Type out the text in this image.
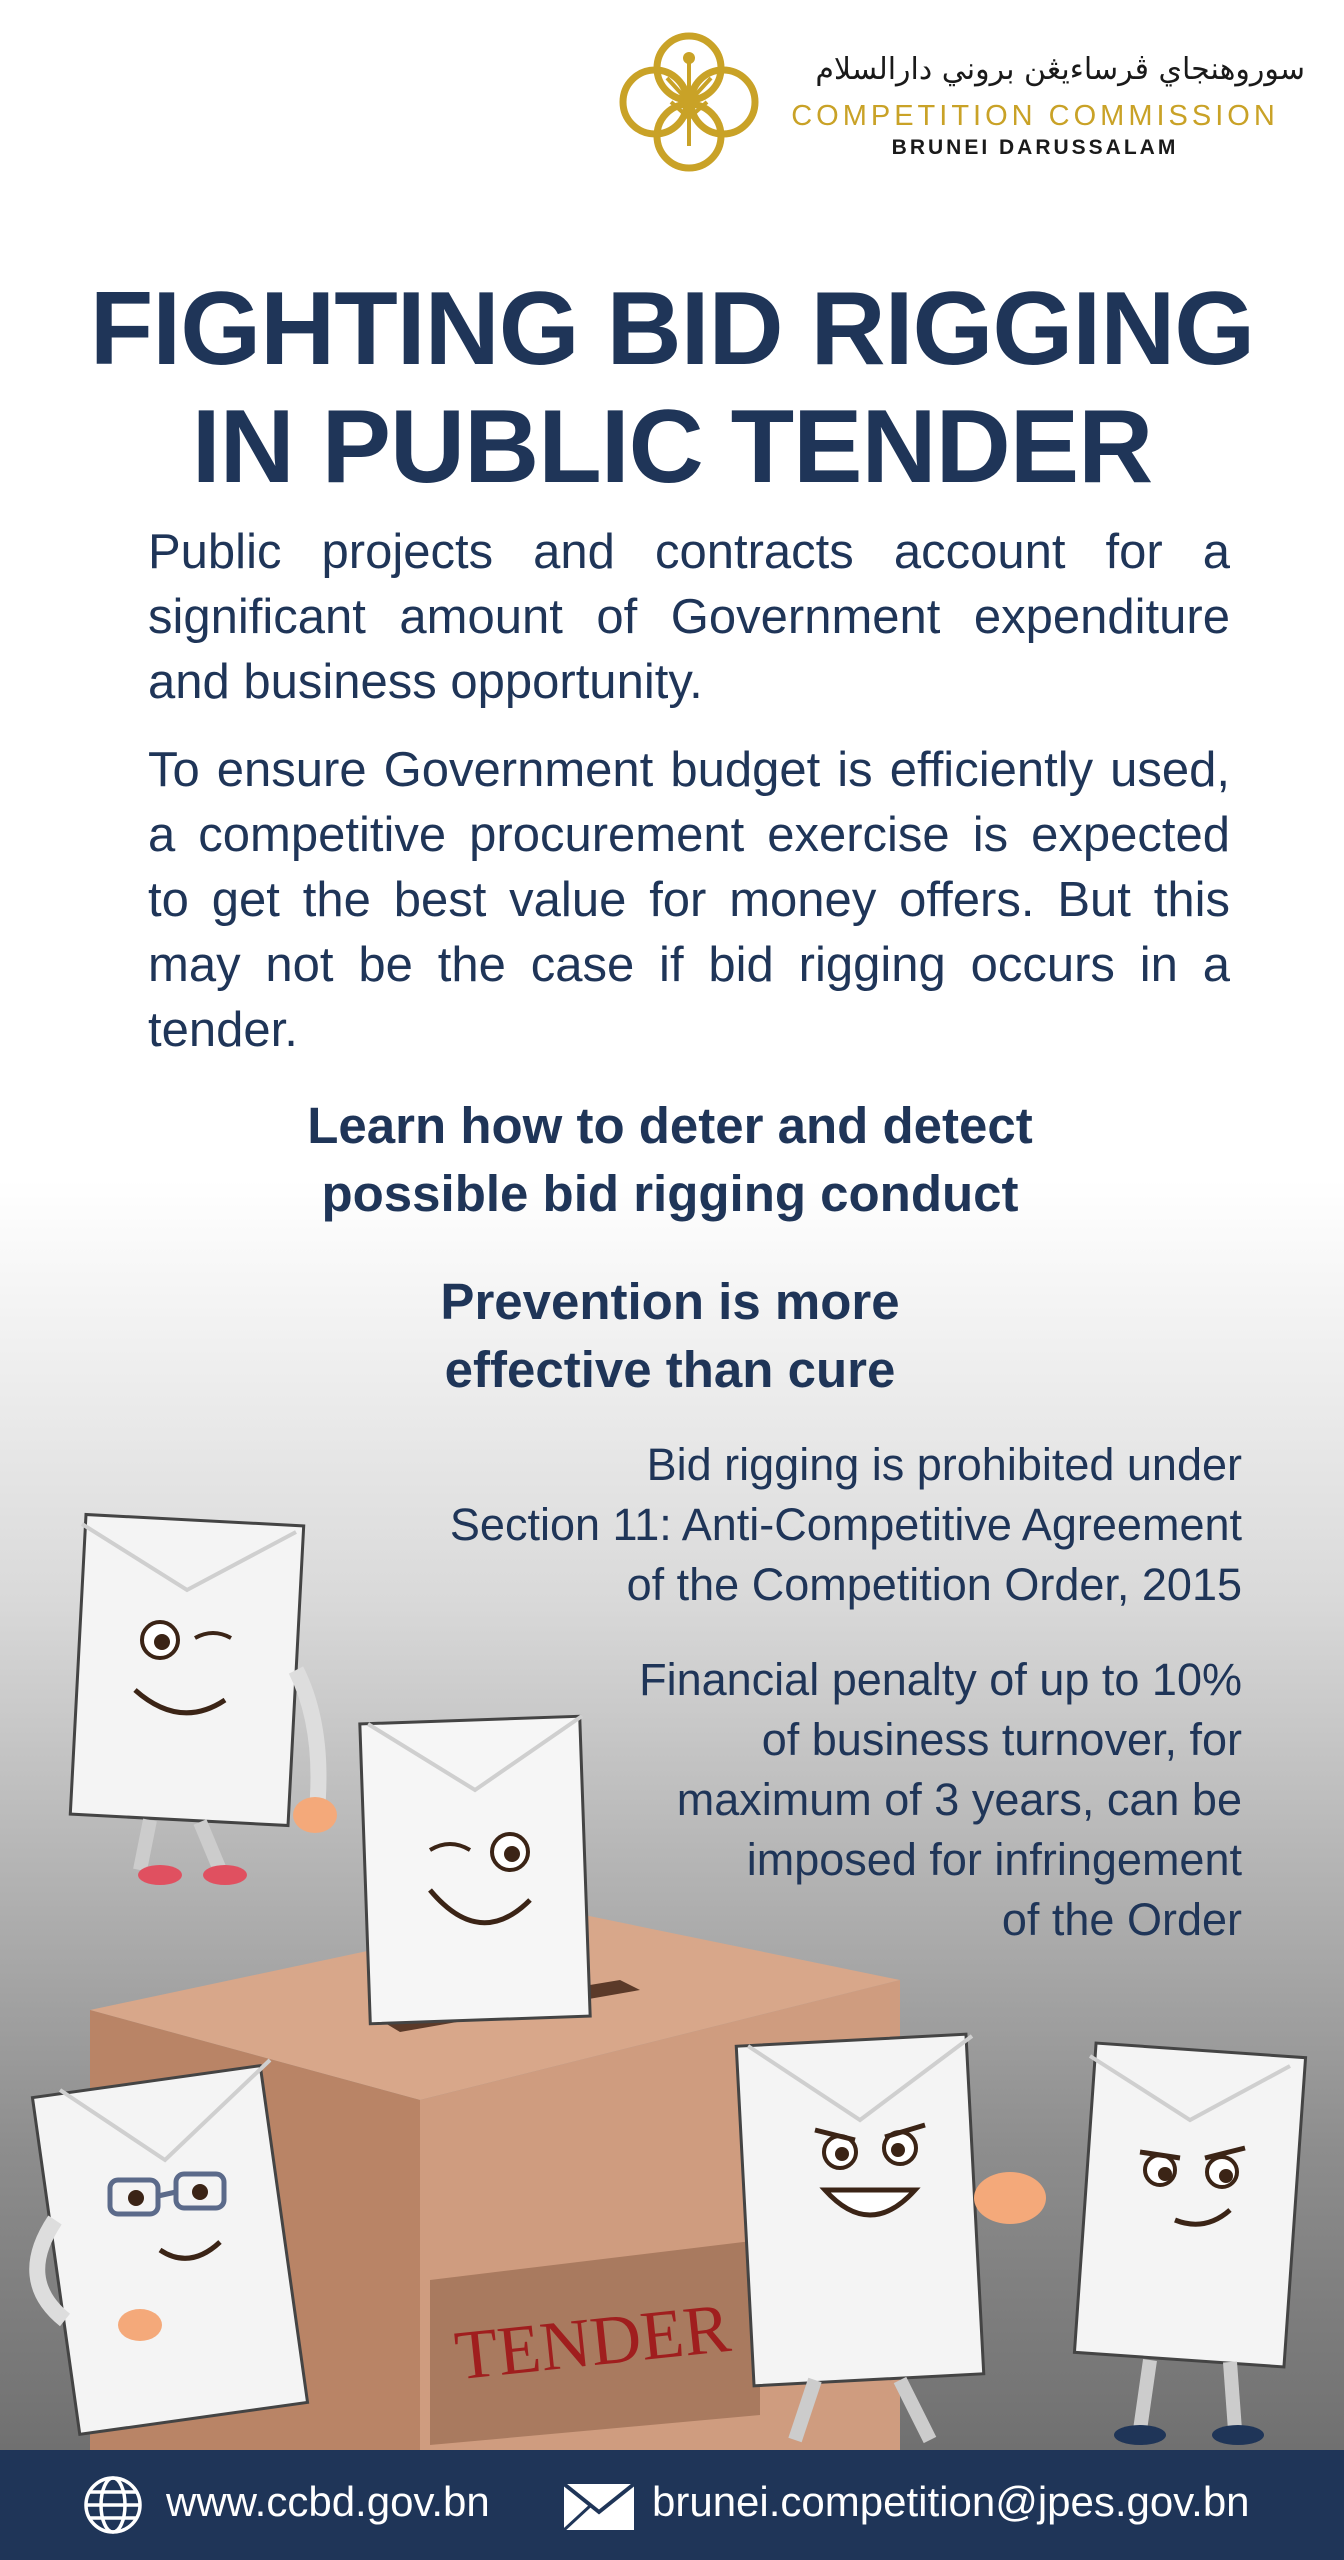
سوروهنجاي ڤرساءيڠن بروني دارالسلام
COMPETITION COMMISSION
BRUNEI DARUSSALAM
FIGHTING BID RIGGING
IN PUBLIC TENDER
Public projects and contracts account for a significant amount of Government expenditure and business opportunity.
To ensure Government budget is efficiently used, a competitive procurement exercise is expected to get the best value for money offers. But this may not be the case if bid rigging occurs in a tender.
Learn how to deter and detect
possible bid rigging conduct
Prevention is more
effective than cure
TENDER
Bid rigging is prohibited under
Section 11: Anti-Competitive Agreement
of the Competition Order, 2015
Financial penalty of up to 10%
of business turnover, for
maximum of 3 years, can be
imposed for infringement
of the Order
www.ccbd.gov.bn	brunei.competition@jpes.gov.bn
